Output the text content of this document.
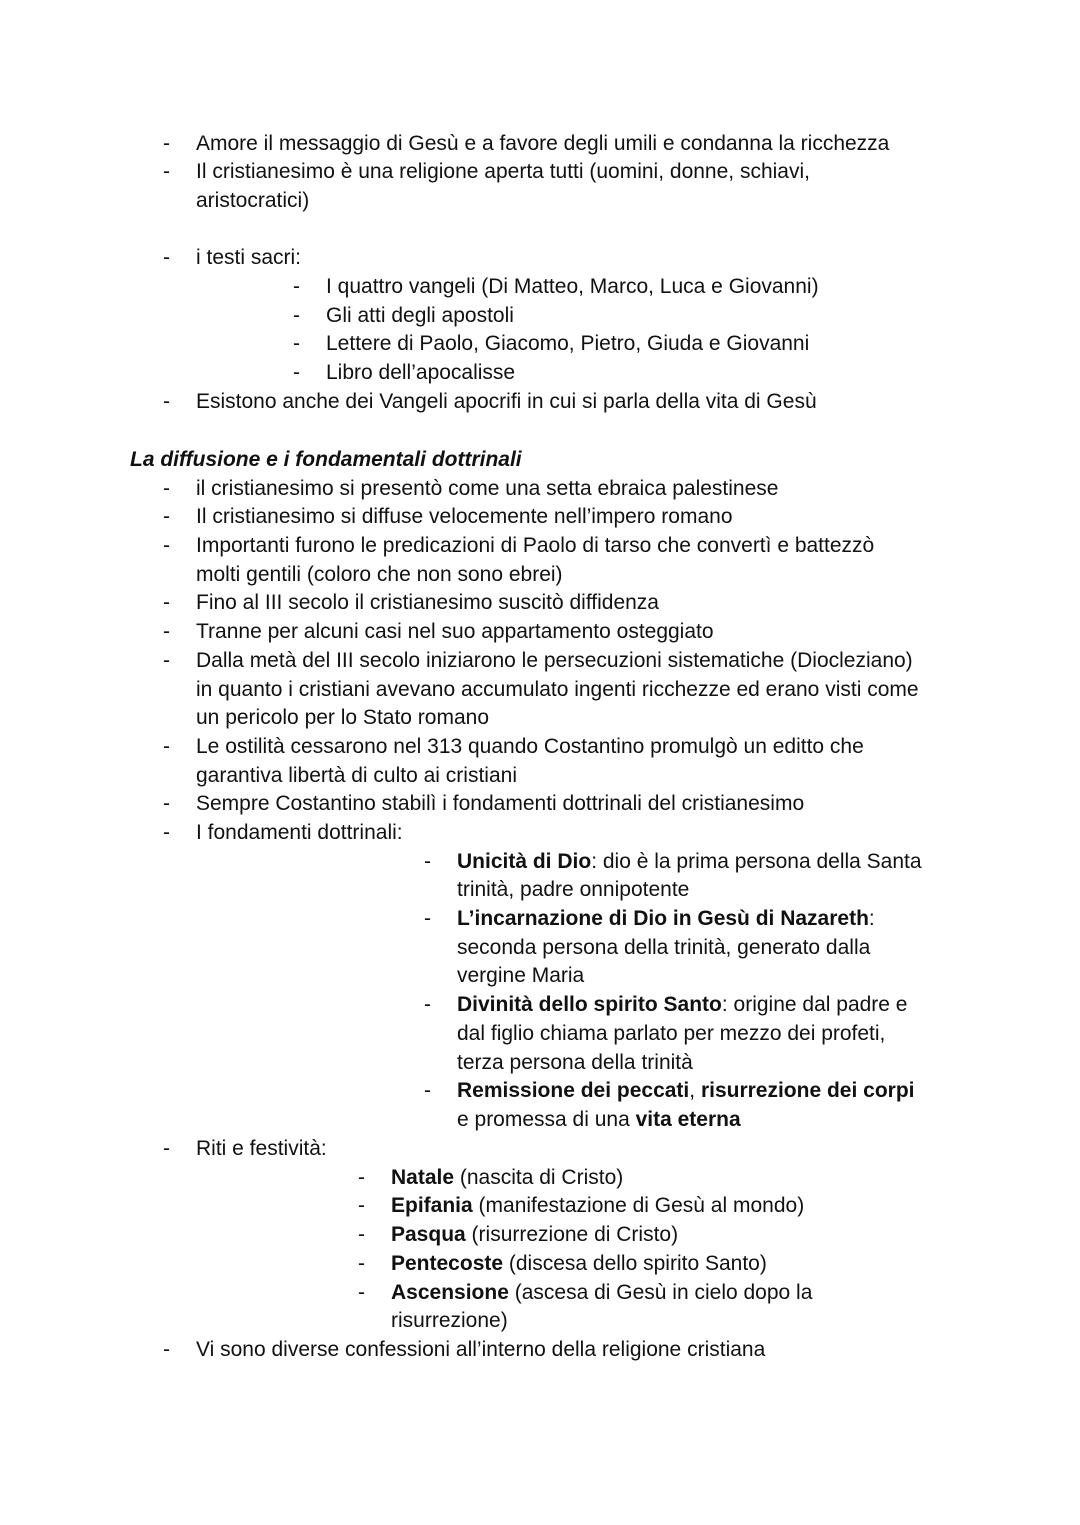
- Amore il messaggio di Gesù e a favore degli umili e condanna la ricchezza
- Il cristianesimo è una religione aperta tutti (uomini, donne, schiavi,
aristocratici)
- i testi sacri:
- I quattro vangeli (Di Matteo, Marco, Luca e Giovanni)
- Gli atti degli apostoli
- Lettere di Paolo, Giacomo, Pietro, Giuda e Giovanni
- Libro dell’apocalisse
- Esistono anche dei Vangeli apocrifi in cui si parla della vita di Gesù
La diffusione e i fondamentali dottrinali
- il cristianesimo si presentò come una setta ebraica palestinese
- Il cristianesimo si diffuse velocemente nell’impero romano
- Importanti furono le predicazioni di Paolo di tarso che convertì e battezzò
molti gentili (coloro che non sono ebrei)
- Fino al III secolo il cristianesimo suscitò diffidenza
- Tranne per alcuni casi nel suo appartamento osteggiato
- Dalla metà del III secolo iniziarono le persecuzioni sistematiche (Diocleziano)
in quanto i cristiani avevano accumulato ingenti ricchezze ed erano visti come
un pericolo per lo Stato romano
- Le ostilità cessarono nel 313 quando Costantino promulgò un editto che
garantiva libertà di culto ai cristiani
- Sempre Costantino stabilì i fondamenti dottrinali del cristianesimo
- I fondamenti dottrinali:
- Unicità di Dio: dio è la prima persona della Santa
trinità, padre onnipotente
- L’incarnazione di Dio in Gesù di Nazareth:
seconda persona della trinità, generato dalla
vergine Maria
- Divinità dello spirito Santo: origine dal padre e
dal figlio chiama parlato per mezzo dei profeti,
terza persona della trinità
- Remissione dei peccati, risurrezione dei corpi
e promessa di una vita eterna
- Riti e festività:
- Natale (nascita di Cristo)
- Epifania (manifestazione di Gesù al mondo)
- Pasqua (risurrezione di Cristo)
- Pentecoste (discesa dello spirito Santo)
- Ascensione (ascesa di Gesù in cielo dopo la
risurrezione)
- Vi sono diverse confessioni all’interno della religione cristiana
